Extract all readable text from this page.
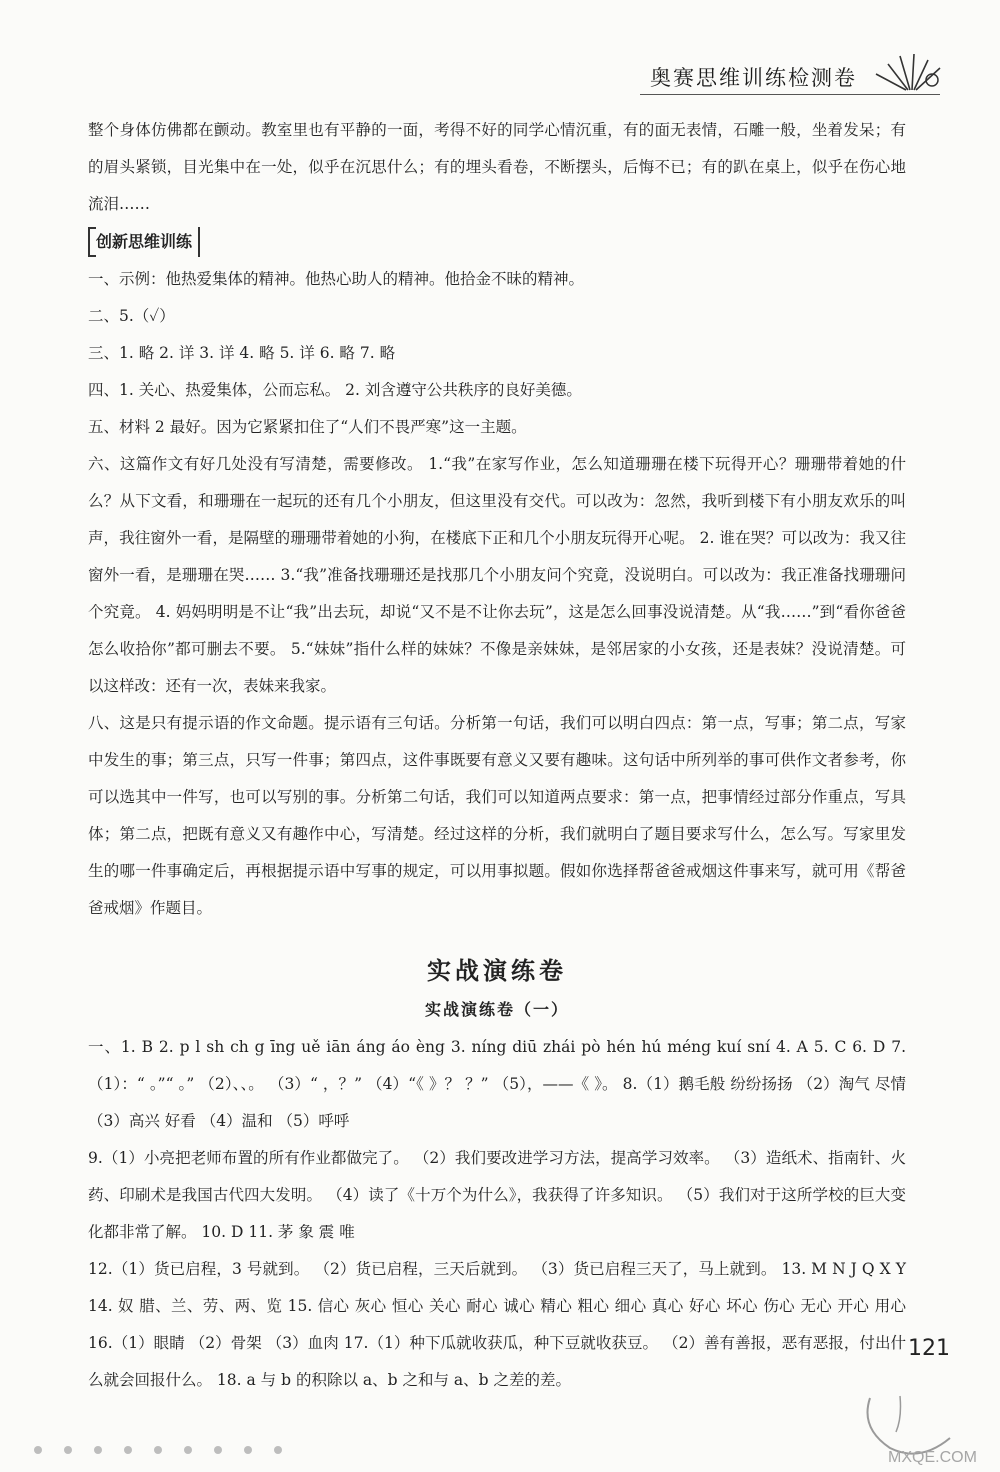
奥赛思维训练检测卷

整个身体仿佛都在颤动。教室里也有平静的一面，考得不好的同学心情沉重，有的面无表情，石雕一般，坐着发呆；有的眉头紧锁，目光集中在一处，似乎在沉思什么；有的埋头看卷，不断摆头，后悔不已；有的趴在桌上，似乎在伤心地流泪……

创新思维训练

一、示例：他热爱集体的精神。他热心助人的精神。他拾金不昧的精神。

二、5.（✓）

三、1. 略 2. 详 3. 详 4. 略 5. 详 6. 略 7. 略

四、1. 关心、热爱集体，公而忘私。 2. 刘含遵守公共秩序的良好美德。

五、材料 2 最好。因为它紧紧扣住了“人们不畏严寒”这一主题。

六、这篇作文有好几处没有写清楚，需要修改。 1.“我”在家写作业，怎么知道珊珊在楼下玩得开心？珊珊带着她的什么？从下文看，和珊珊在一起玩的还有几个小朋友，但这里没有交代。可以改为：忽然，我听到楼下有小朋友欢乐的叫声，我往窗外一看，是隔壁的珊珊带着她的小狗，在楼底下正和几个小朋友玩得开心呢。 2. 谁在哭？可以改为：我又往窗外一看，是珊珊在哭…… 3.“我”准备找珊珊还是找那几个小朋友问个究竟，没说明白。可以改为：我正准备找珊珊问个究竟。 4. 妈妈明明是不让“我”出去玩，却说“又不是不让你去玩”，这是怎么回事没说清楚。从“我……”到“看你爸爸怎么收拾你”都可删去不要。 5.“妹妹”指什么样的妹妹？不像是亲妹妹，是邻居家的小女孩，还是表妹？没说清楚。可以这样改：还有一次，表妹来我家。

八、这是只有提示语的作文命题。提示语有三句话。分析第一句话，我们可以明白四点：第一点，写事；第二点，写家中发生的事；第三点，只写一件事；第四点，这件事既要有意义又要有趣味。这句话中所列举的事可供作文者参考，你可以选其中一件写，也可以写别的事。分析第二句话，我们可以知道两点要求：第一点，把事情经过部分作重点，写具体；第二点，把既有意义又有趣作中心，写清楚。经过这样的分析，我们就明白了题目要求写什么，怎么写。写家里发生的哪一件事确定后，再根据提示语中写事的规定，可以用事拟题。假如你选择帮爸爸戒烟这件事来写，就可用《帮爸爸戒烟》作题目。

实战演练卷
实战演练卷（一）

一、1. B 2. p l sh ch g īng uě iān áng áo èng 3. níng diū zhái pò hén hú méng kuí sní 4. A 5. C 6. D 7.（1）：“ 。”“ 。” （2）、、。 （3）“ ，？” （4）“《 》？ ？” （5），——《 》。 8.（1）鹅毛般 纷纷扬扬 （2）淘气 尽情 （3）高兴 好看 （4）温和 （5）呼呼

9.（1）小亮把老师布置的所有作业都做完了。 （2）我们要改进学习方法，提高学习效率。 （3）造纸术、指南针、火药、印刷术是我国古代四大发明。 （4）读了《十万个为什么》，我获得了许多知识。 （5）我们对于这所学校的巨大变化都非常了解。 10. D 11. 茅 象 震 唯

12.（1）货已启程，3 号就到。 （2）货已启程，三天后就到。 （3）货已启程三天了，马上就到。 13. M N J Q X Y 14. 奴 腊、兰、劳、两、览 15. 信心 灰心 恒心 关心 耐心 诚心 精心 粗心 细心 真心 好心 坏心 伤心 无心 开心 用心 16.（1）眼睛 （2）骨架 （3）血肉 17.（1）种下瓜就收获瓜，种下豆就收获豆。 （2）善有善报，恶有恶报，付出什么就会回报什么。 18. a 与 b 的积除以 a、b 之和与 a、b 之差的差。

121
MXQE.COM
